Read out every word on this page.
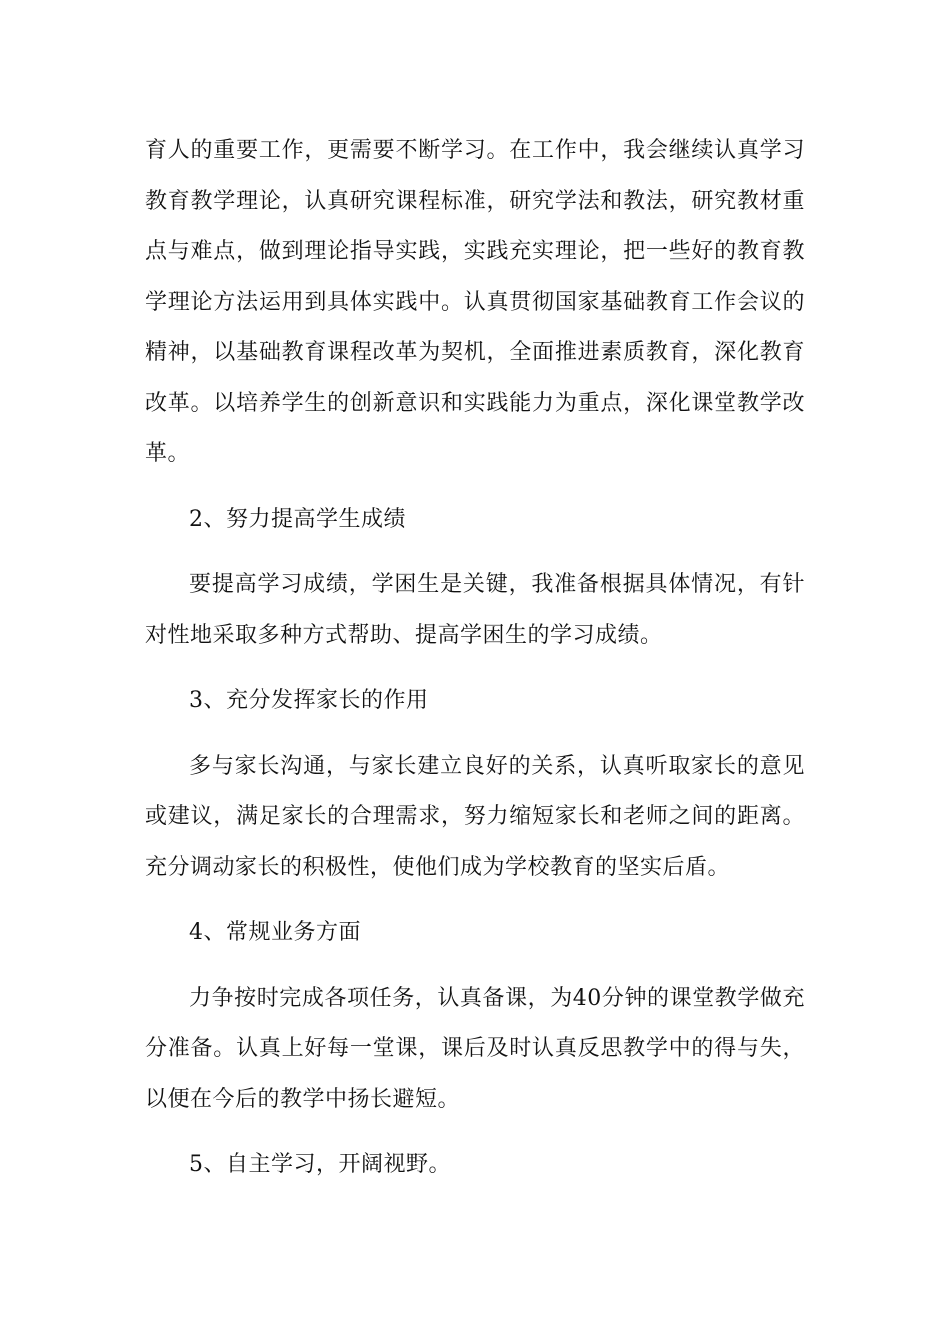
育人的重要工作，更需要不断学习。在工作中，我会继续认真学习教育教学理论，认真研究课程标准，研究学法和教法，研究教材重点与难点，做到理论指导实践，实践充实理论，把一些好的教育教学理论方法运用到具体实践中。认真贯彻国家基础教育工作会议的精神，以基础教育课程改革为契机，全面推进素质教育，深化教育改革。以培养学生的创新意识和实践能力为重点，深化课堂教学改革。

2、努力提高学生成绩

要提高学习成绩，学困生是关键，我准备根据具体情况，有针对性地采取多种方式帮助、提高学困生的学习成绩。

3、充分发挥家长的作用

多与家长沟通，与家长建立良好的关系，认真听取家长的意见或建议，满足家长的合理需求，努力缩短家长和老师之间的距离。充分调动家长的积极性，使他们成为学校教育的坚实后盾。

4、常规业务方面

力争按时完成各项任务，认真备课，为40分钟的课堂教学做充分准备。认真上好每一堂课，课后及时认真反思教学中的得与失，以便在今后的教学中扬长避短。

5、自主学习，开阔视野。
